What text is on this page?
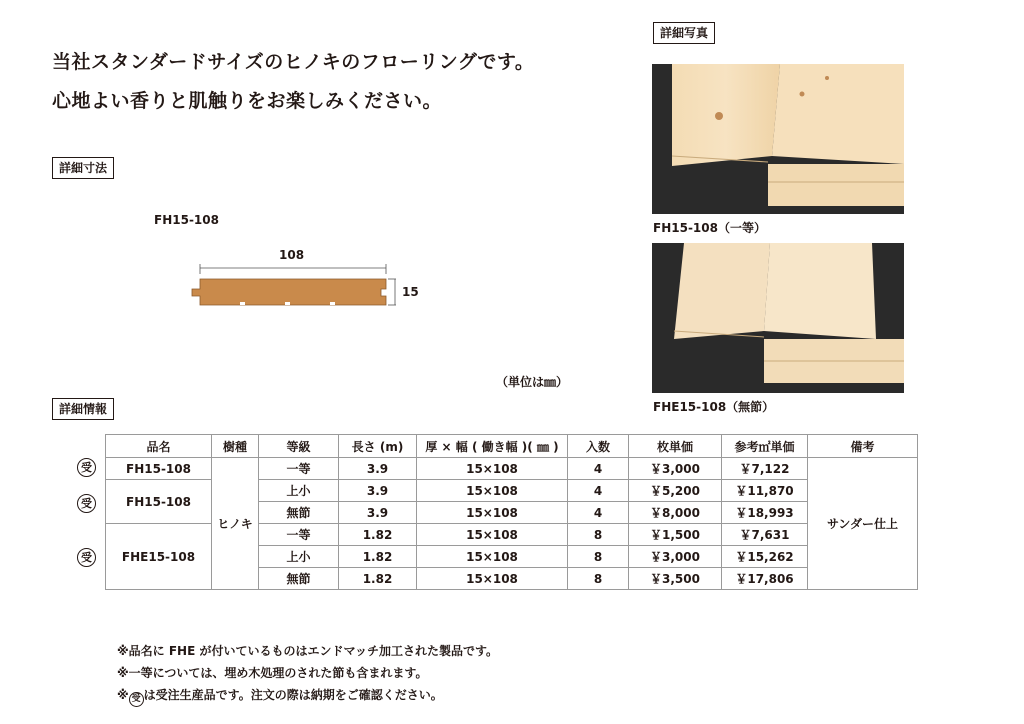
当社スタンダードサイズのヒノキのフローリングです。
心地よい香りと肌触りをお楽しみください。
詳細寸法
詳細情報
詳細写真
FH15-108
108
15
（単位は㎜）
FH15-108（一等）
FHE15-108（無節）
品名	樹種	等級	長さ (m)	厚 × 幅 ( 働き幅 )( ㎜ )	入数	枚単価	参考㎡単価	備考
FH15-108	ヒノキ	一等	3.9	15×108	4	￥3,000	￥7,122	サンダー仕上
FH15-108		上小	3.9	15×108	4	￥5,200	￥11,870	
		無節	3.9	15×108	4	￥8,000	￥18,993	
FHE15-108		一等	1.82	15×108	8	￥1,500	￥7,631	
		上小	1.82	15×108	8	￥3,000	￥15,262	
		無節	1.82	15×108	8	￥3,500	￥17,806	
受
受
受
※品名に FHE が付いているものはエンドマッチ加工された製品です。
※一等については、埋め木処理のされた節も含まれます。
※ 受 は受注生産品です。注文の際は納期をご確認ください。
